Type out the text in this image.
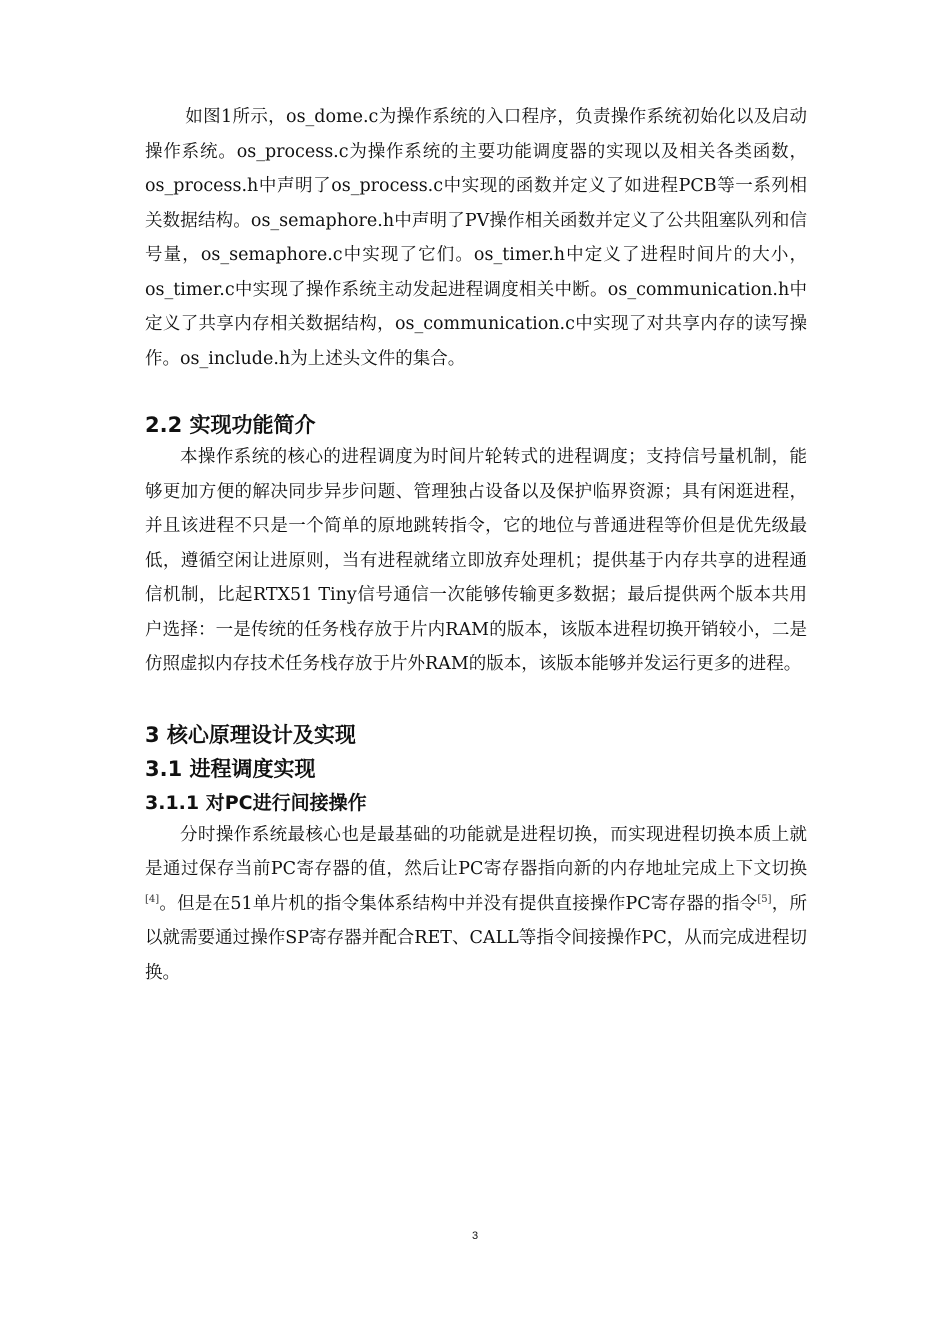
如图1所示，os_dome.c为操作系统的入口程序，负责操作系统初始化以及启动操作系统。os_process.c为操作系统的主要功能调度器的实现以及相关各类函数，os_process.h中声明了os_process.c中实现的函数并定义了如进程PCB等一系列相关数据结构。os_semaphore.h中声明了PV操作相关函数并定义了公共阻塞队列和信号量，os_semaphore.c中实现了它们。os_timer.h中定义了进程时间片的大小，os_timer.c中实现了操作系统主动发起进程调度相关中断。os_communication.h中定义了共享内存相关数据结构，os_communication.c中实现了对共享内存的读写操作。os_include.h为上述头文件的集合。

2.2 实现功能简介

本操作系统的核心的进程调度为时间片轮转式的进程调度；支持信号量机制，能够更加方便的解决同步异步问题、管理独占设备以及保护临界资源；具有闲逛进程，并且该进程不只是一个简单的原地跳转指令，它的地位与普通进程等价但是优先级最低，遵循空闲让进原则，当有进程就绪立即放弃处理机；提供基于内存共享的进程通信机制，比起RTX51 Tiny信号通信一次能够传输更多数据；最后提供两个版本共用户选择：一是传统的任务栈存放于片内RAM的版本，该版本进程切换开销较小，二是仿照虚拟内存技术任务栈存放于片外RAM的版本，该版本能够并发运行更多的进程。

3 核心原理设计及实现
3.1 进程调度实现
3.1.1 对PC进行间接操作

分时操作系统最核心也是最基础的功能就是进程切换，而实现进程切换本质上就是通过保存当前PC寄存器的值，然后让PC寄存器指向新的内存地址完成上下文切换[4]。但是在51单片机的指令集体系结构中并没有提供直接操作PC寄存器的指令[5]，所以就需要通过操作SP寄存器并配合RET、CALL等指令间接操作PC，从而完成进程切换。

3
